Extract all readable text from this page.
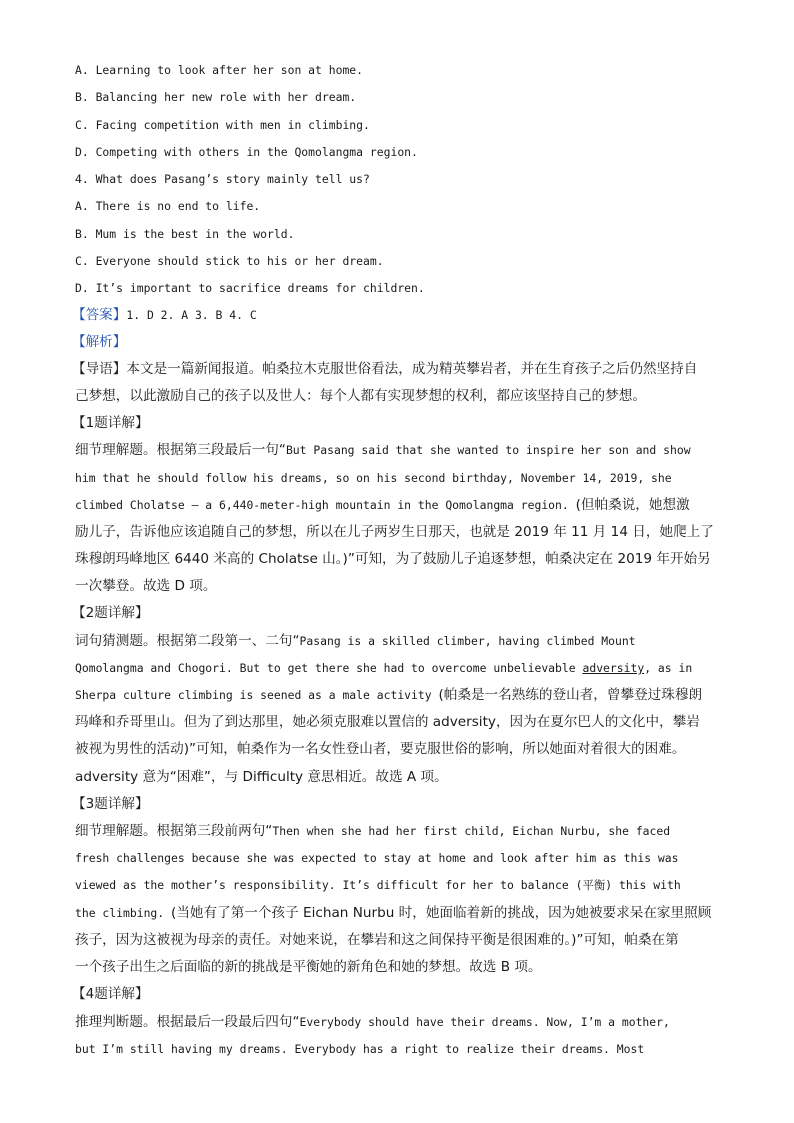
A. Learning to look after her son at home.
B. Balancing her new role with her dream.
C. Facing competition with men in climbing.
D. Competing with others in the Qomolangma region.
4. What does Pasang’s story mainly tell us?
A. There is no end to life.
B. Mum is the best in the world.
C. Everyone should stick to his or her dream.
D. It’s important to sacrifice dreams for children.
【答案】1. D 2. A 3. B 4. C
【解析】
【导语】本文是一篇新闻报道。帕桑拉木克服世俗看法，成为精英攀岩者，并在生育孩子之后仍然坚持自
己梦想，以此激励自己的孩子以及世人：每个人都有实现梦想的权利，都应该坚持自己的梦想。
【1题详解】
细节理解题。根据第三段最后一句“But Pasang said that she wanted to inspire her son and show
him that he should follow his dreams, so on his second birthday, November 14, 2019, she
climbed Cholatse — a 6,440-meter-high mountain in the Qomolangma region. (但帕桑说，她想激
励儿子，告诉他应该追随自己的梦想，所以在儿子两岁生日那天，也就是 2019 年 11 月 14 日，她爬上了
珠穆朗玛峰地区 6440 米高的 Cholatse 山。)”可知，为了鼓励儿子追逐梦想，帕桑决定在 2019 年开始另
一次攀登。故选 D 项。
【2题详解】
词句猜测题。根据第二段第一、二句“Pasang is a skilled climber, having climbed Mount
Qomolangma and Chogori. But to get there she had to overcome unbelievable adversity, as in
Sherpa culture climbing is seened as a male activity (帕桑是一名熟练的登山者，曾攀登过珠穆朗
玛峰和乔哥里山。但为了到达那里，她必须克服难以置信的 adversity，因为在夏尔巴人的文化中，攀岩
被视为男性的活动)”可知，帕桑作为一名女性登山者，要克服世俗的影响，所以她面对着很大的困难。
adversity 意为“困难”，与 Difficulty 意思相近。故选 A 项。
【3题详解】
细节理解题。根据第三段前两句“Then when she had her first child, Eichan Nurbu, she faced
fresh challenges because she was expected to stay at home and look after him as this was
viewed as the mother’s responsibility. It’s difficult for her to balance (平衡) this with
the climbing. (当她有了第一个孩子 Eichan Nurbu 时，她面临着新的挑战，因为她被要求呆在家里照顾
孩子，因为这被视为母亲的责任。对她来说，在攀岩和这之间保持平衡是很困难的。)”可知，帕桑在第
一个孩子出生之后面临的新的挑战是平衡她的新角色和她的梦想。故选 B 项。
【4题详解】
推理判断题。根据最后一段最后四句“Everybody should have their dreams. Now, I’m a mother,
but I’m still having my dreams. Everybody has a right to realize their dreams. Most
